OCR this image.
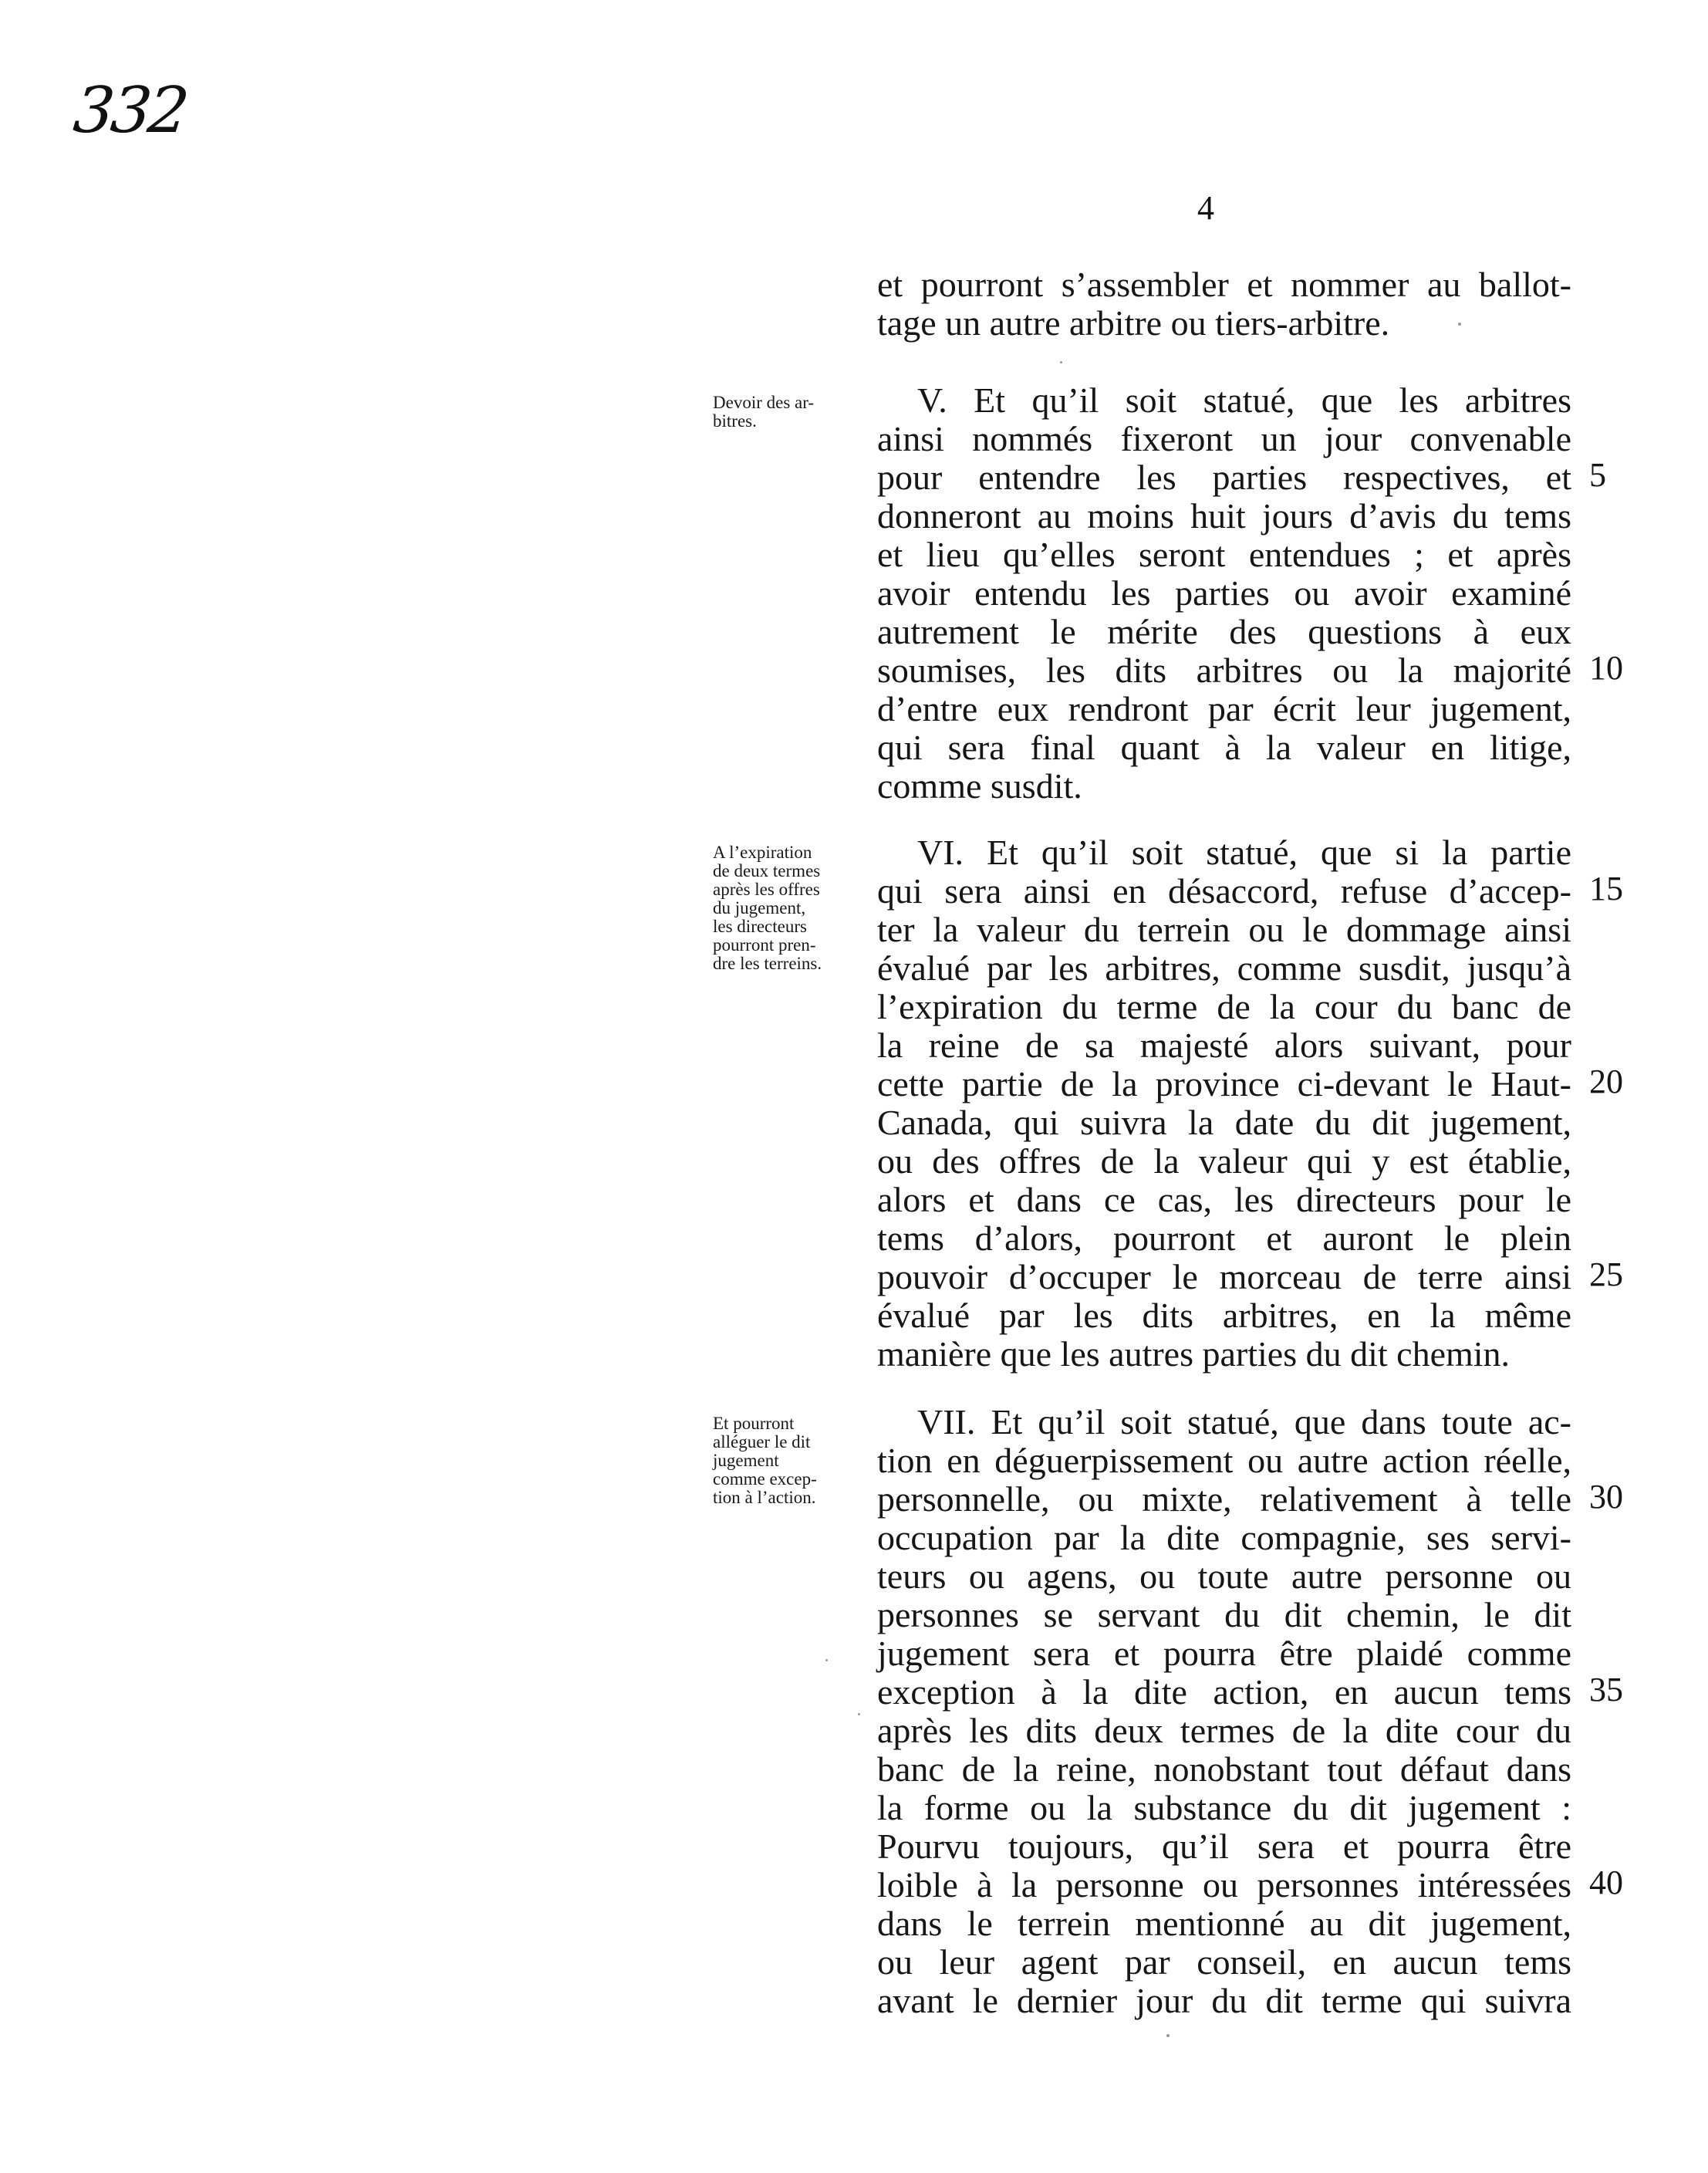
332
4
et pourront s’assembler et nommer au ballot-
tage un autre arbitre ou tiers-arbitre.
Devoir des ar-
bitres.
V. Et qu’il soit statué, que les arbitres
ainsi nommés fixeront un jour convenable
pour entendre les parties respectives, et
donneront au moins huit jours d’avis du tems
et lieu qu’elles seront entendues ; et après
avoir entendu les parties ou avoir examiné
autrement le mérite des questions à eux
soumises, les dits arbitres ou la majorité
d’entre eux rendront par écrit leur jugement,
qui sera final quant à la valeur en litige,
comme susdit.
A l’expiration
de deux termes
après les offres
du jugement,
les directeurs
pourront pren-
dre les terreins.
VI. Et qu’il soit statué, que si la partie
qui sera ainsi en désaccord, refuse d’accep-
ter la valeur du terrein ou le dommage ainsi
évalué par les arbitres, comme susdit, jusqu’à
l’expiration du terme de la cour du banc de
la reine de sa majesté alors suivant, pour
cette partie de la province ci-devant le Haut-
Canada, qui suivra la date du dit jugement,
ou des offres de la valeur qui y est établie,
alors et dans ce cas, les directeurs pour le
tems d’alors, pourront et auront le plein
pouvoir d’occuper le morceau de terre ainsi
évalué par les dits arbitres, en la même
manière que les autres parties du dit chemin.
Et pourront
alléguer le dit
jugement
comme excep-
tion à l’action.
VII. Et qu’il soit statué, que dans toute ac-
tion en déguerpissement ou autre action réelle,
personnelle, ou mixte, relativement à telle
occupation par la dite compagnie, ses servi-
teurs ou agens, ou toute autre personne ou
personnes se servant du dit chemin, le dit
jugement sera et pourra être plaidé comme
exception à la dite action, en aucun tems
après les dits deux termes de la dite cour du
banc de la reine, nonobstant tout défaut dans
la forme ou la substance du dit jugement :
Pourvu toujours, qu’il sera et pourra être
loible à la personne ou personnes intéressées
dans le terrein mentionné au dit jugement,
ou leur agent par conseil, en aucun tems
avant le dernier jour du dit terme qui suivra
5
10
15
20
25
30
35
40
